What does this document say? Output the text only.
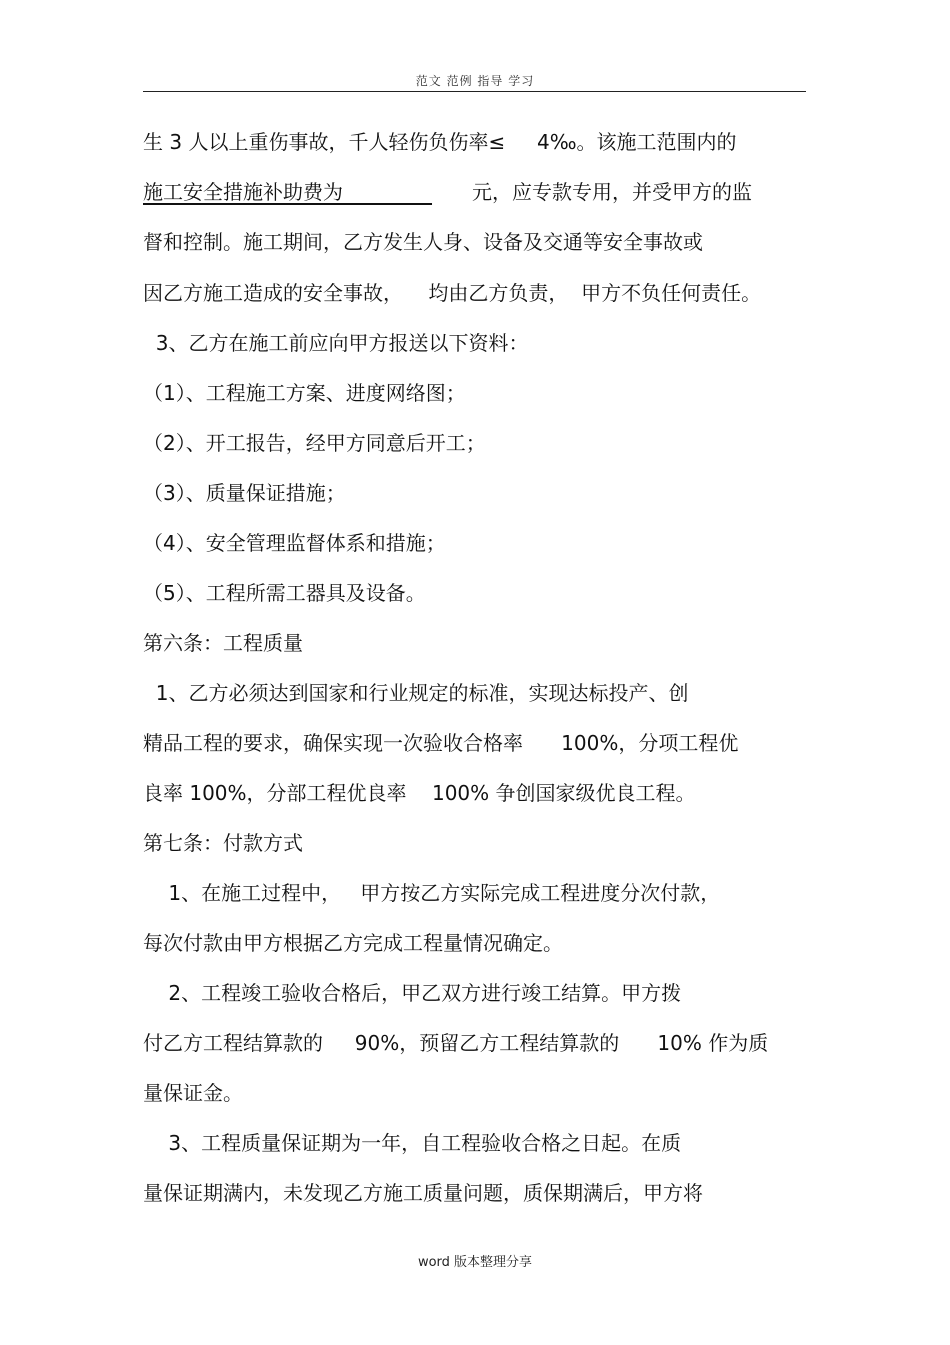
范文 范例 指导 学习
生 3 人以上重伤事故，千人轻伤负伤率≤     4‰。该施工范围内的
施工安全措施补助费为 元，应专款专用，并受甲方的监
督和控制。施工期间，乙方发生人身、设备及交通等安全事故或
因乙方施工造成的安全事故，    均由乙方负责，  甲方不负任何责任。
3、乙方在施工前应向甲方报送以下资料：
（1）、工程施工方案、进度网络图；
（2）、开工报告，经甲方同意后开工；
（3）、质量保证措施；
（4）、安全管理监督体系和措施；
（5）、工程所需工器具及设备。
第六条：工程质量
1、乙方必须达到国家和行业规定的标准，实现达标投产、创
精品工程的要求，确保实现一次验收合格率      100%，分项工程优
良率 100%，分部工程优良率    100% 争创国家级优良工程。
第七条：付款方式
1、在施工过程中，   甲方按乙方实际完成工程进度分次付款，
每次付款由甲方根据乙方完成工程量情况确定。
2、工程竣工验收合格后，甲乙双方进行竣工结算。甲方拨
付乙方工程结算款的     90%，预留乙方工程结算款的      10% 作为质
量保证金。
3、工程质量保证期为一年，自工程验收合格之日起。在质
量保证期满内，未发现乙方施工质量问题，质保期满后，甲方将
word 版本整理分享
